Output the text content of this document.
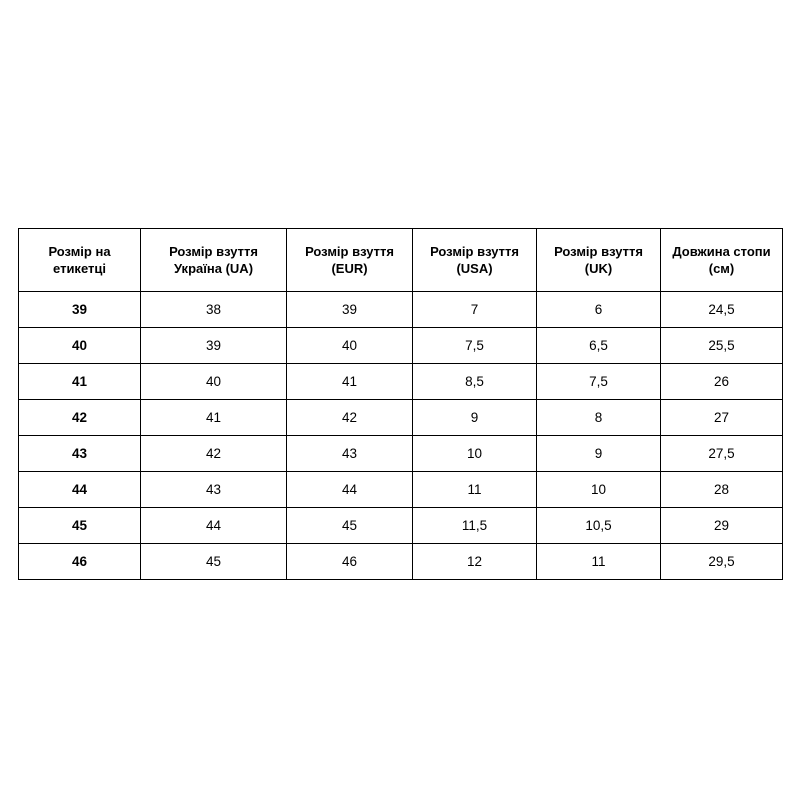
Розмір на етикетці	Розмір взуття Україна (UA)	Розмір взуття (EUR)	Розмір взуття (USA)	Розмір взуття (UK)	Довжина стопи (см)
39	38	39	7	6	24,5
40	39	40	7,5	6,5	25,5
41	40	41	8,5	7,5	26
42	41	42	9	8	27
43	42	43	10	9	27,5
44	43	44	11	10	28
45	44	45	11,5	10,5	29
46	45	46	12	11	29,5
